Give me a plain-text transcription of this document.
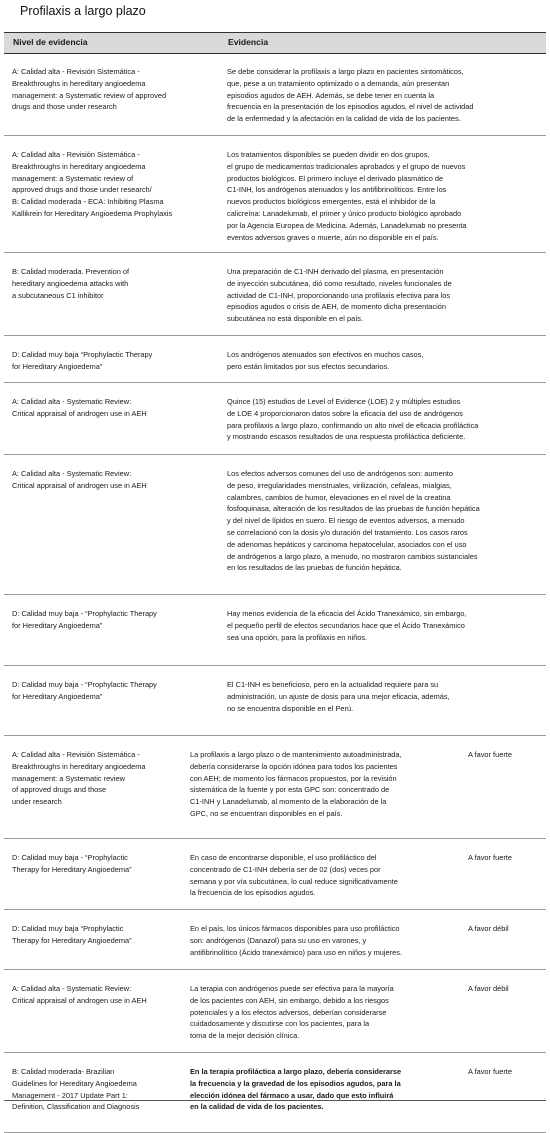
Profilaxis a largo plazo
Nivel de evidencia	Evidencia
A: Calidad alta - Revisión Sistemática -
Breakthroughs in hereditary angioedema
management: a Systematic review of approved
drugs and those under research
Se debe considerar la profilaxis a largo plazo en pacientes sintomáticos,
que, pese a un tratamiento optimizado o a demanda, aún presentan
episodios agudos de AEH. Además, se debe tener en cuenta la
frecuencia en la presentación de los episodios agudos, el nivel de actividad
de la enfermedad y la afectación en la calidad de vida de los pacientes.
A: Calidad alta - Revisión Sistemática -
Breakthroughs in hereditary angioedema
management: a Systematic review of
approved drugs and those under research/
B: Calidad moderada - ECA: Inhibiting Plasma
Kallikrein for Hereditary Angioedema Prophylaxis
Los tratamientos disponibles se pueden dividir en dos grupos,
el grupo de medicamentos tradicionales aprobados y el grupo de nuevos
productos biológicos. El primero incluye el derivado plasmático de
C1-INH, los andrógenos atenuados y los antifibrinolíticos. Entre los
nuevos productos biológicos emergentes, está el inhibidor de la
calicreína: Lanadelumab, el primer y único producto biológico aprobado
por la Agencia Europea de Medicina. Además, Lanadelumab no presenta
eventos adversos graves o muerte, aún no disponible en el país.
B: Calidad moderada. Prevention of
hereditary angioedema attacks with
a subcutaneous C1 inhibitor
Una preparación de C1-INH derivado del plasma, en presentación
de inyección subcutánea, dió como resultado, niveles funcionales de
actividad de C1-INH, proporcionando una profilaxis efectiva para los
episodios agudos o crisis de AEH, de momento dicha presentación
subcutánea no está disponible en el país.
D: Calidad muy baja “Prophylactic Therapy
for Hereditary Angioedema”
Los andrógenos atenuados son efectivos en muchos casos,
pero están limitados por sus efectos secundarios.
A: Calidad alta - Systematic Review:
Critical appraisal of androgen use in AEH
Quince (15) estudios de Level of Evidence (LOE) 2 y múltiples estudios
de LOE 4 proporcionaron datos sobre la eficacia del uso de andrógenos
para profilaxis a largo plazo, confirmando un alto nivel de eficacia profiláctica
y mostrando escasos resultados de una respuesta profiláctica deficiente.
A: Calidad alta - Systematic Review:
Critical appraisal of androgen use in AEH
Los efectos adversos comunes del uso de andrógenos son: aumento
de peso, irregularidades menstruales, virilización, cefaleas, mialgias,
calambres, cambios de humor, elevaciones en el nivel de la creatina
fosfoquinasa, alteración de los resultados de las pruebas de función hepática
y del nivel de lípidos en suero. El riesgo de eventos adversos, a menudo
se correlacionó con la dosis y/o duración del tratamiento. Los casos raros
de adenomas hepáticos y carcinoma hepatocelular, asociados con el uso
de andrógenos a largo plazo, a menudo, no mostraron cambios sustanciales
en los resultados de las pruebas de función hepática.
D: Calidad muy baja - “Prophylactic Therapy
for Hereditary Angioedema”
Hay menos evidencia de la eficacia del Ácido Tranexámico, sin embargo,
el pequeño perfil de efectos secundarios hace que el Ácido Tranexámico
sea una opción, para la profilaxis en niños.
D: Calidad muy baja - “Prophylactic Therapy
for Hereditary Angioedema”
El C1-INH es beneficioso, pero en la actualidad requiere para su
administración, un ajuste de dosis para una mejor eficacia, además,
no se encuentra disponible en el Perú.
A: Calidad alta - Revisión Sistemática -
Breakthroughs in hereditary angioedema
management: a Systematic review
of approved drugs and those
under research
La profilaxis a largo plazo o de mantenimiento autoadministrada,
debería considerarse la opción idónea para todos los pacientes
con AEH; de momento los fármacos propuestos, por la revisión
sistemática de la fuente y por esta GPC son: concentrado de
C1-INH y Lanadelumab, al momento de la elaboración de la
GPC, no se encuentran disponibles en el país.
A favor fuerte
D: Calidad muy baja - “Prophylactic
Therapy for Hereditary Angioedema”
En caso de encontrarse disponible, el uso profiláctico del
concentrado de C1-INH debería ser de 02 (dos) veces por
semana y por vía subcutánea, lo cual reduce significativamente
la frecuencia de los episodios agudos.
A favor fuerte
D: Calidad muy baja “Prophylactic
Therapy for Hereditary Angioedema”
En el país, los únicos fármacos disponibles para uso profiláctico
son: andrógenos (Danazol) para su uso en varones, y
antifibrinolítico (Ácido tranexámico) para uso en niños y mujeres.
A favor débil
A: Calidad alta - Systematic Review:
Critical appraisal of androgen use in AEH
La terapia con andrógenos puede ser efectiva para la mayoría
de los pacientes con AEH, sin embargo, debido a los riesgos
potenciales y a los efectos adversos, deberían considerarse
cuidadosamente y discutirse con los pacientes, para la
toma de la mejor decisión clínica.
A favor débil
B: Calidad moderada- Brazilian
Guidelines for Hereditary Angioedema
Management - 2017 Update Part 1:
Definition, Classification and Diagnosis
En la terapia profiláctica a largo plazo, debería considerarse
la frecuencia y la gravedad de los episodios agudos, para la
elección idónea del fármaco a usar, dado que esto influirá
en la calidad de vida de los pacientes.
A favor fuerte
